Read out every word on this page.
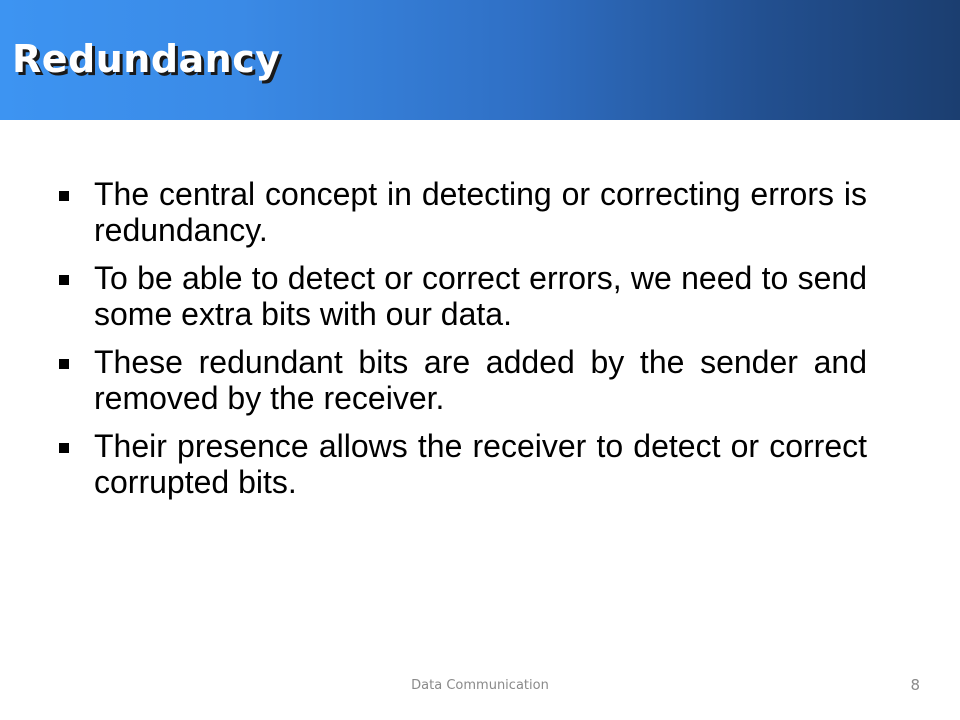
Redundancy
The central concept in detecting or correcting errors is redundancy.
To be able to detect or correct errors, we need to send some extra bits with our data.
These redundant bits are added by the sender and removed by the receiver.
Their presence allows the receiver to detect or correct corrupted bits.
Data Communication	8
